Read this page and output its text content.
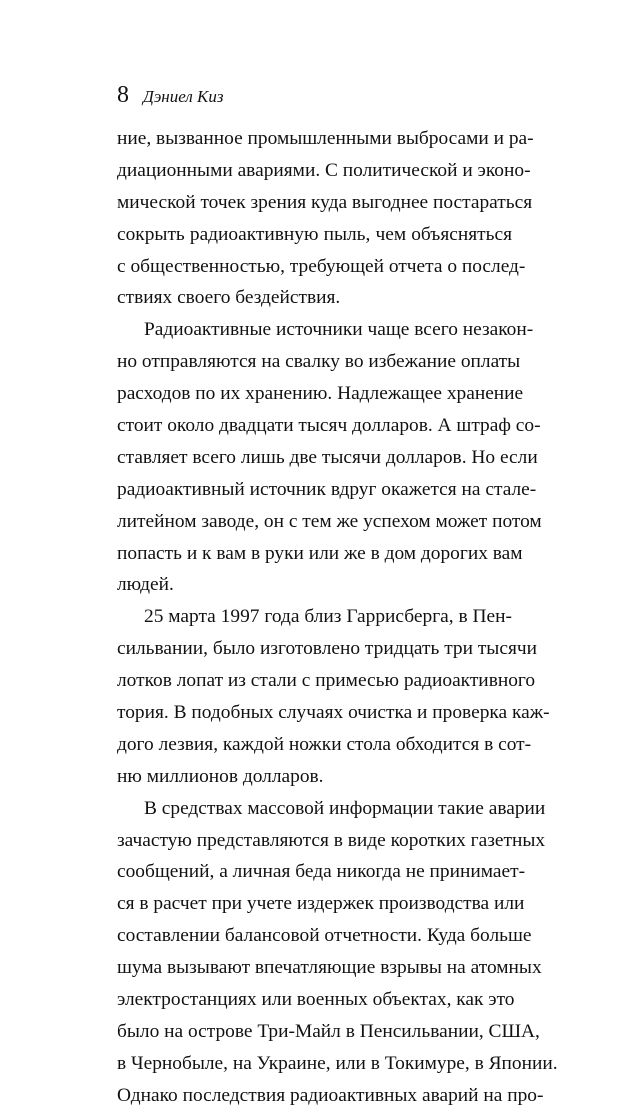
8 Дэниел Киз
ние, вызванное промышленными выбросами и ра-
диационными авариями. С политической и эконо-
мической точек зрения куда выгоднее постараться
сокрыть радиоактивную пыль, чем объясняться
с общественностью, требующей отчета о послед-
ствиях своего бездействия.
Радиоактивные источники чаще всего незакон-
но отправляются на свалку во избежание оплаты
расходов по их хранению. Надлежащее хранение
стоит около двадцати тысяч долларов. А штраф со-
ставляет всего лишь две тысячи долларов. Но если
радиоактивный источник вдруг окажется на стале-
литейном заводе, он с тем же успехом может потом
попасть и к вам в руки или же в дом дорогих вам
людей.
25 марта 1997 года близ Гаррисберга, в Пен-
сильвании, было изготовлено тридцать три тысячи
лотков лопат из стали с примесью радиоактивного
тория. В подобных случаях очистка и проверка каж-
дого лезвия, каждой ножки стола обходится в сот-
ню миллионов долларов.
В средствах массовой информации такие аварии
зачастую представляются в виде коротких газетных
сообщений, а личная беда никогда не принимает-
ся в расчет при учете издержек производства или
составлении балансовой отчетности. Куда больше
шума вызывают впечатляющие взрывы на атомных
электростанциях или военных объектах, как это
было на острове Три-Майл в Пенсильвании, США,
в Чернобыле, на Украине, или в Токимуре, в Японии.
Однако последствия радиоактивных аварий на про-
